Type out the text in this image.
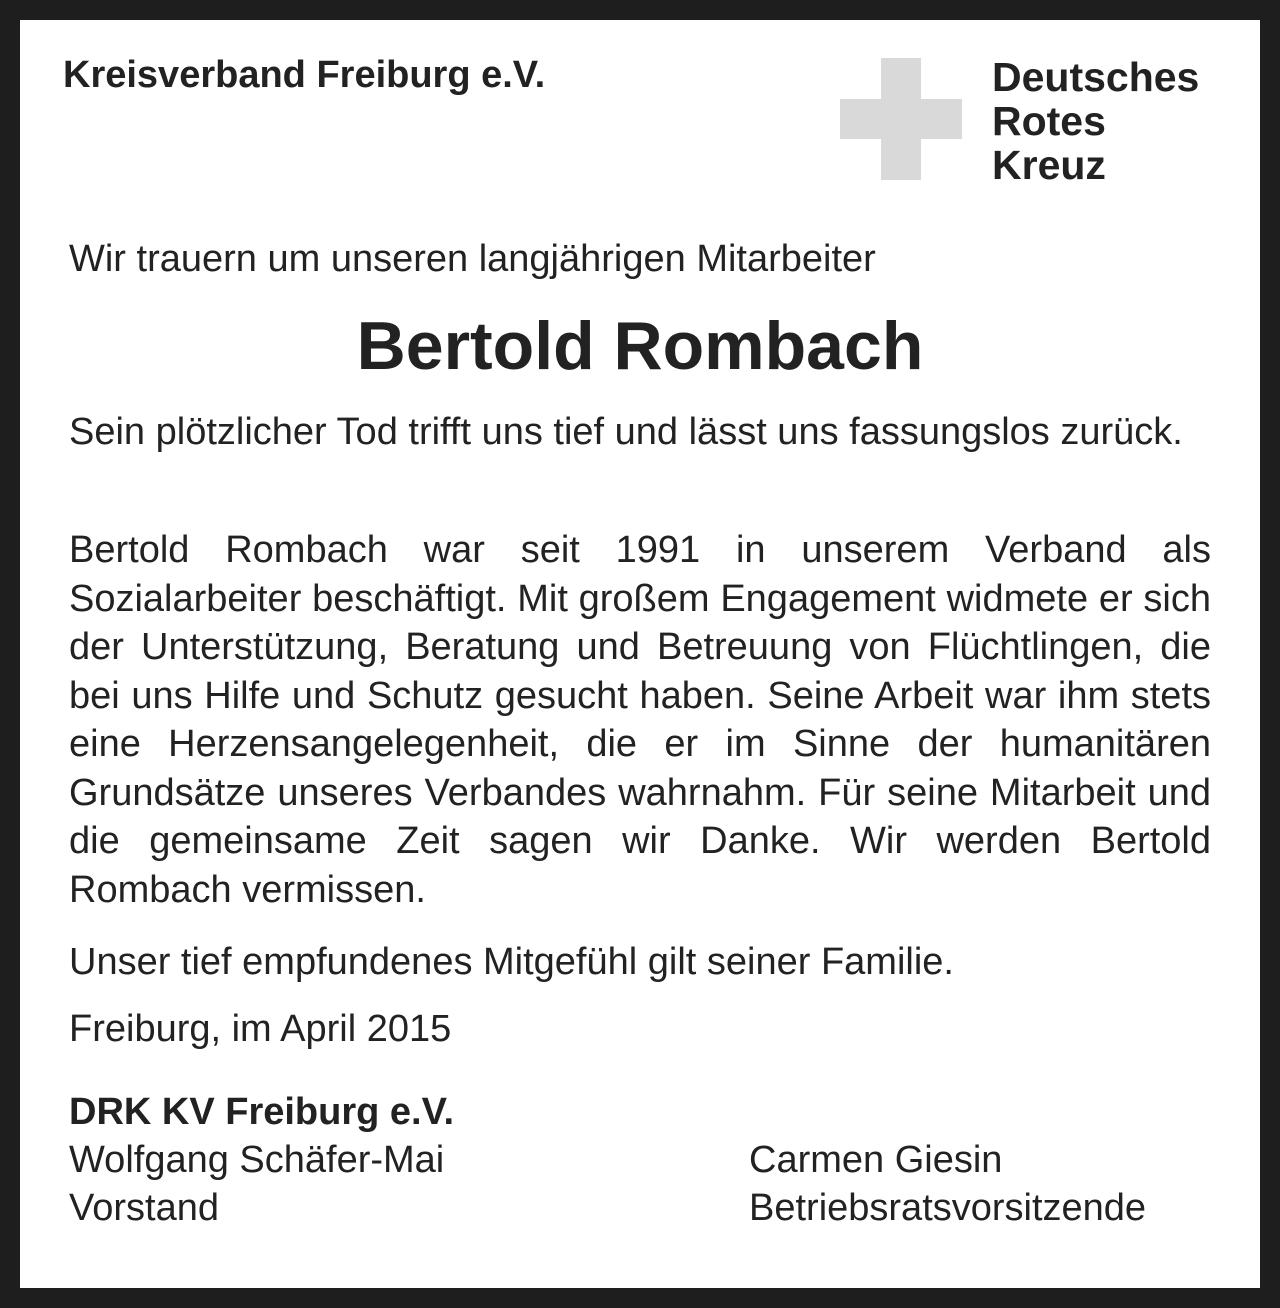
Kreisverband Freiburg e.V.	Deutsches
Rotes
Kreuz
Wir trauern um unseren langjährigen Mitarbeiter
Bertold Rombach
Sein plötzlicher Tod trifft uns tief und lässt uns fassungslos zurück.
Bertold Rombach war seit 1991 in unserem Verband als Sozialarbeiter beschäftigt. Mit großem Engagement widmete er sich der Unterstützung, Beratung und Betreuung von Flüchtlingen, die bei uns Hilfe und Schutz gesucht haben. Seine Arbeit war ihm stets eine Herzensangelegenheit, die er im Sinne der humanitären Grundsätze unseres Verbandes wahrnahm. Für seine Mitarbeit und die gemeinsame Zeit sagen wir Danke. Wir werden Bertold Rombach vermissen.
Unser tief empfundenes Mitgefühl gilt seiner Familie.
Freiburg, im April 2015
DRK KV Freiburg e.V.
Wolfgang Schäfer-Mai
Vorstand
Carmen Giesin
Betriebsratsvorsitzende
